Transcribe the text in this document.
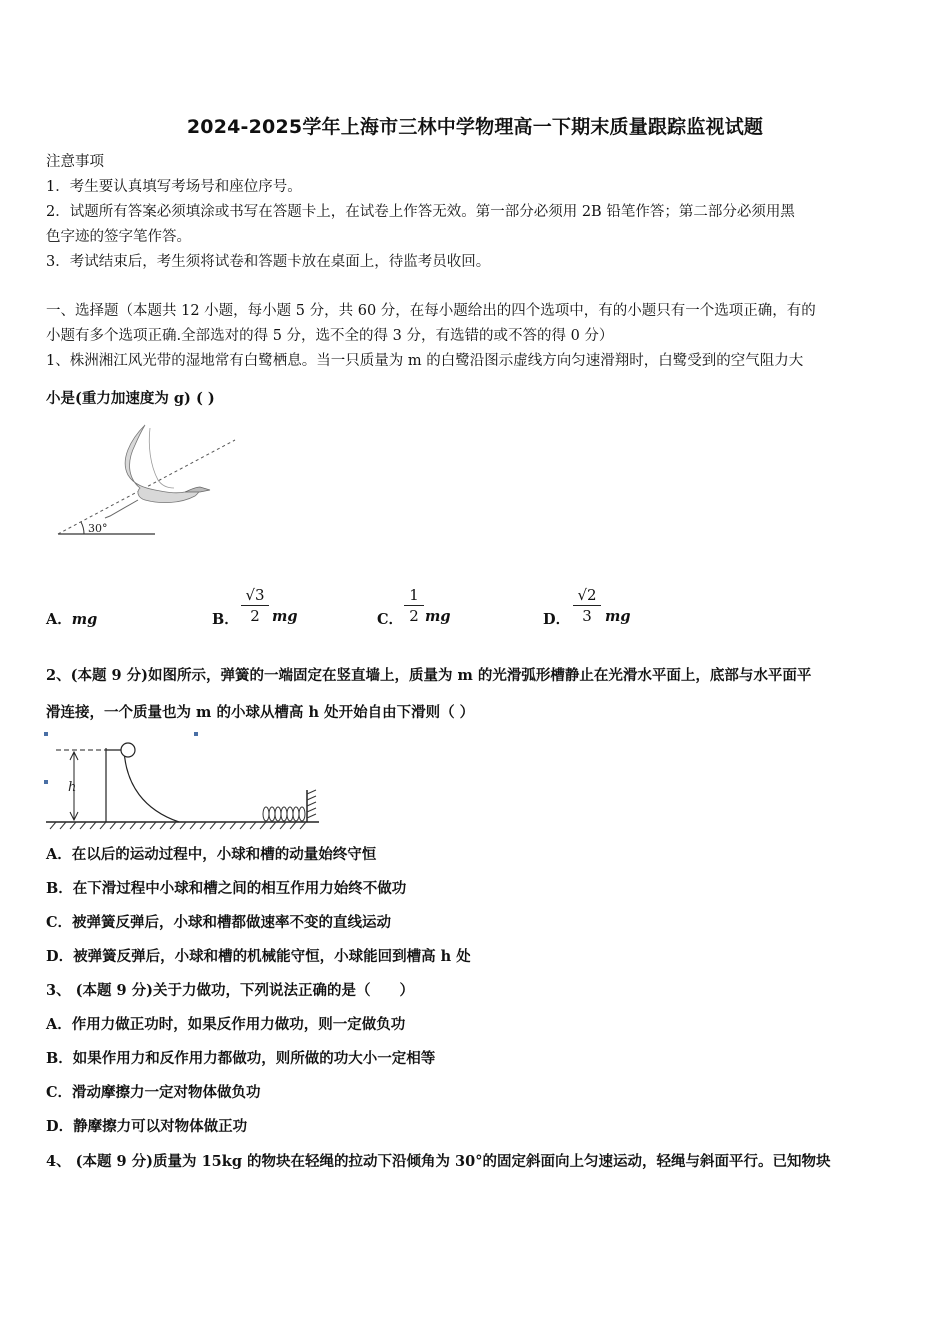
2024-2025学年上海市三林中学物理高一下期末质量跟踪监视试题
注意事项
1．考生要认真填写考场号和座位序号。
2．试题所有答案必须填涂或书写在答题卡上，在试卷上作答无效。第一部分必须用 2B 铅笔作答；第二部分必须用黑
色字迹的签字笔作答。
3．考试结束后，考生须将试卷和答题卡放在桌面上，待监考员收回。
一、选择题（本题共 12 小题，每小题 5 分，共 60 分，在每小题给出的四个选项中，有的小题只有一个选项正确，有的
小题有多个选项正确.全部选对的得 5 分，选不全的得 3 分，有选错的或不答的得 0 分）
1、株洲湘江风光带的湿地常有白鹭栖息。当一只质量为 m 的白鹭沿图示虚线方向匀速滑翔时，白鹭受到的空气阻力大
小是(重力加速度为 g) ( )
30°
A．mg	B．
√3
2 mg	C．
1
2 mg	D．
√2
3 mg
2、(本题 9 分)如图所示，弹簧的一端固定在竖直墙上，质量为 m 的光滑弧形槽静止在光滑水平面上，底部与水平面平
滑连接，一个质量也为 m 的小球从槽高 h 处开始自由下滑则（ ）
h
A．在以后的运动过程中，小球和槽的动量始终守恒
B．在下滑过程中小球和槽之间的相互作用力始终不做功
C．被弹簧反弹后，小球和槽都做速率不变的直线运动
D．被弹簧反弹后，小球和槽的机械能守恒，小球能回到槽高 h 处
3、 (本题 9 分)关于力做功，下列说法正确的是（　　）
A．作用力做正功时，如果反作用力做功，则一定做负功
B．如果作用力和反作用力都做功，则所做的功大小一定相等
C．滑动摩擦力一定对物体做负功
D．静摩擦力可以对物体做正功
4、 (本题 9 分)质量为 15kg 的物块在轻绳的拉动下沿倾角为 30°的固定斜面向上匀速运动，轻绳与斜面平行。已知物块
